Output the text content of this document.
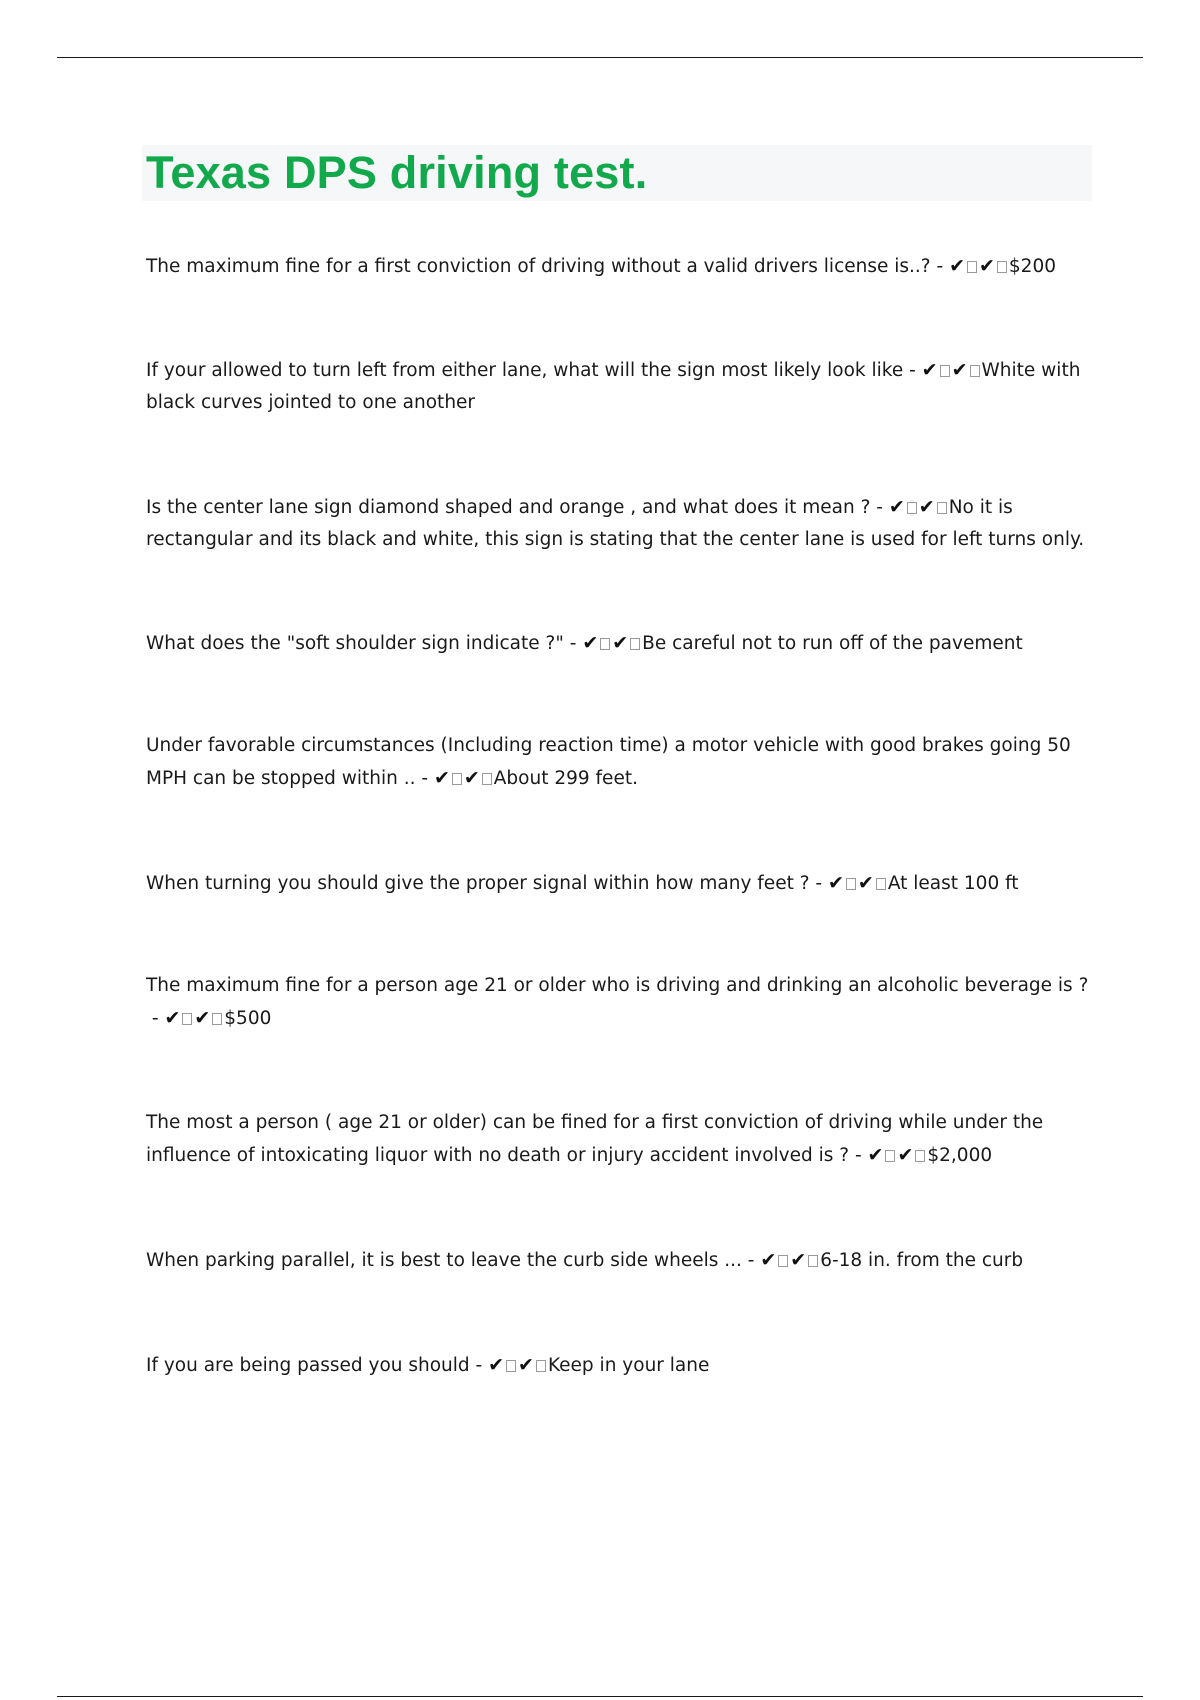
Texas DPS driving test.

The maximum fine for a first conviction of driving without a valid drivers license is..? - ✔ ✔ $200

If your allowed to turn left from either lane, what will the sign most likely look like - ✔ ✔ White with black curves jointed to one another

Is the center lane sign diamond shaped and orange , and what does it mean ? - ✔ ✔ No it is rectangular and its black and white, this sign is stating that the center lane is used for left turns only.

What does the "soft shoulder sign indicate ?" - ✔ ✔ Be careful not to run off of the pavement

Under favorable circumstances (Including reaction time) a motor vehicle with good brakes going 50 MPH can be stopped within .. - ✔ ✔ About 299 feet.

When turning you should give the proper signal within how many feet ? - ✔ ✔ At least 100 ft

The maximum fine for a person age 21 or older who is driving and drinking an alcoholic beverage is ? - ✔ ✔ $500

The most a person ( age 21 or older) can be fined for a first conviction of driving while under the influence of intoxicating liquor with no death or injury accident involved is ? - ✔ ✔ $2,000

When parking parallel, it is best to leave the curb side wheels ... - ✔ ✔ 6-18 in. from the curb

If you are being passed you should - ✔ ✔ Keep in your lane
